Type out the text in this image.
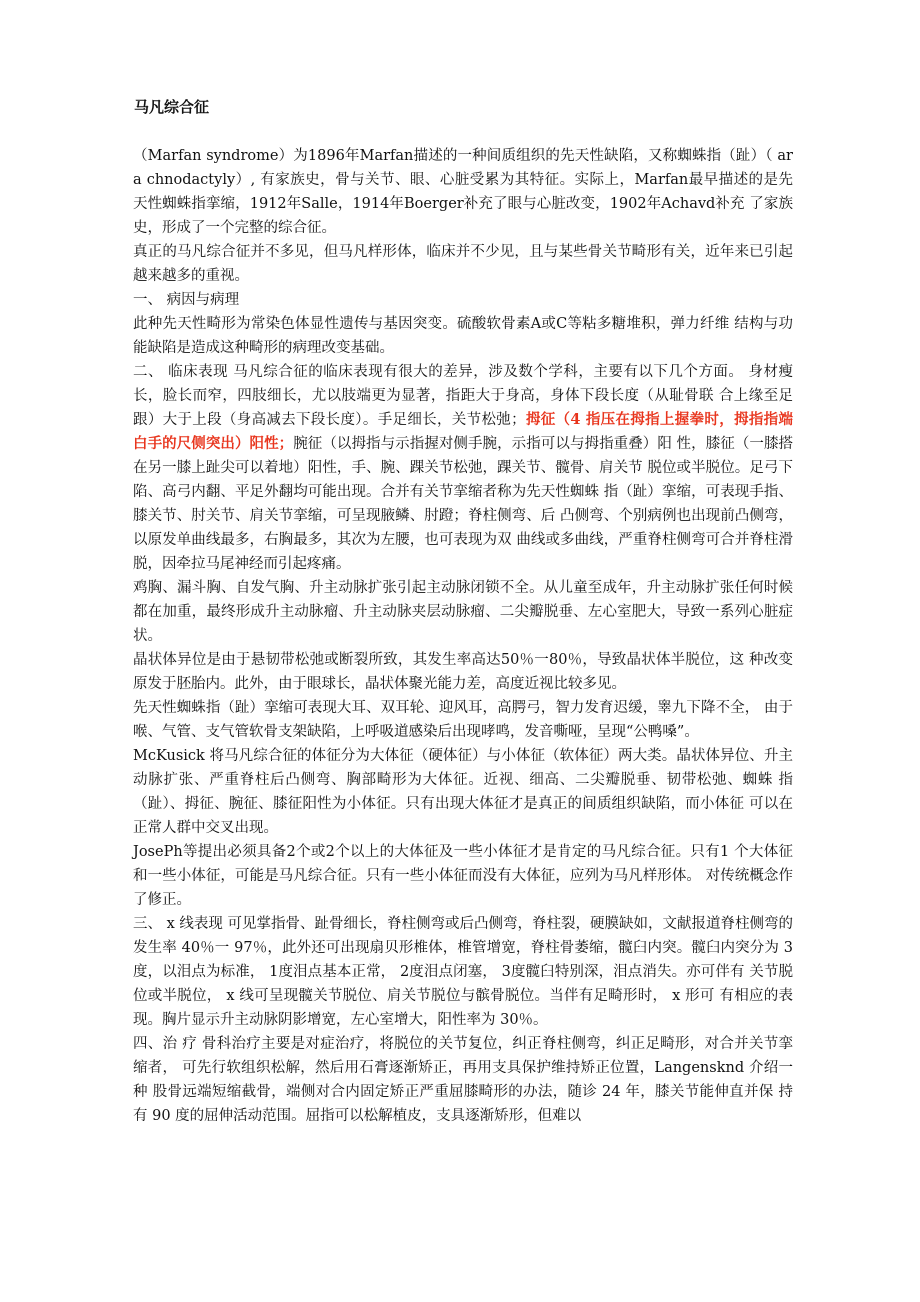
马凡综合征

（Marfan syndrome）为1896年Marfan描述的一种间质组织的先天性缺陷，又称蜘蛛指（趾）（ ara chnodactyly）, 有家族史，骨与关节、眼、心脏受累为其特征。实际上，Marfan最早描述的是先 天性蜘蛛指挛缩，1912年Salle，1914年Boerger补充了眼与心脏改变，1902年Achavd补充 了家族史，形成了一个完整的综合征。

真正的马凡综合征并不多见，但马凡样形体，临床并不少见，且与某些骨关节畸形有关，近年来已引起越来越多的重视。

一、 病因与病理

此种先天性畸形为常染色体显性遗传与基因突变。硫酸软骨素A或C等粘多糖堆积，弹力纤维 结构与功能缺陷是造成这种畸形的病理改变基础。

二、 临床表现 马凡综合征的临床表现有很大的差异，涉及数个学科，主要有以下几个方面。 身材瘦长，脸长而窄，四肢细长，尤以肢端更为显著，指距大于身高，身体下段长度（从耻骨联 合上缘至足跟）大于上段（身高减去下段长度）。手足细长，关节松弛；拇征（4 指压在拇指上握拳时，拇指指端白手的尺侧突出）阳性；腕征（以拇指与示指握对侧手腕，示指可以与拇指重叠）阳 性，膝征（一膝搭在另一膝上趾尖可以着地）阳性，手、腕、踝关节松弛，踝关节、髋骨、肩关节 脱位或半脱位。足弓下陷、高弓内翻、平足外翻均可能出现。合并有关节挛缩者称为先天性蜘蛛 指（趾）挛缩，可表现手指、膝关节、肘关节、肩关节挛缩，可呈现腋鳞、肘蹬；脊柱侧弯、后 凸侧弯、个别病例也出现前凸侧弯，以原发单曲线最多，右胸最多，其次为左腰，也可表现为双 曲线或多曲线，严重脊柱侧弯可合并脊柱滑脱，因牵拉马尾神经而引起疼痛。

鸡胸、漏斗胸、自发气胸、升主动脉扩张引起主动脉闭锁不全。从儿童至成年，升主动脉扩张任何时候都在加重，最终形成升主动脉瘤、升主动脉夹层动脉瘤、二尖瓣脱垂、左心室肥大，导致一系列心脏症状。

晶状体异位是由于悬韧带松弛或断裂所致，其发生率高达50％一80％，导致晶状体半脱位，这 种改变原发于胚胎内。此外，由于眼球长，晶状体聚光能力差，高度近视比较多见。

先天性蜘蛛指（趾）挛缩可表现大耳、双耳轮、迎风耳，高腭弓，智力发育迟缓，睾九下降不全， 由于喉、气管、支气管软骨支架缺陷，上呼吸道感染后出现哮鸣，发音嘶哑，呈现“公鸭嗓”。

McKusick 将马凡综合征的体征分为大体征（硬体征）与小体征（软体征）两大类。晶状体异位、升主 动脉扩张、严重脊柱后凸侧弯、胸部畸形为大体征。近视、细高、二尖瓣脱垂、韧带松弛、蜘蛛 指（趾）、拇征、腕征、膝征阳性为小体征。只有出现大体征才是真正的间质组织缺陷，而小体征 可以在正常人群中交叉出现。

JosePh等提出必须具备2个或2个以上的大体征及一些小体征才是肯定的马凡综合征。只有1 个大体征和一些小体征，可能是马凡综合征。只有一些小体征而没有大体征，应列为马凡样形体。 对传统概念作了修正。

三、 x 线表现 可见掌指骨、趾骨细长，脊柱侧弯或后凸侧弯，脊柱裂，硬膜缺如，文献报道脊柱侧弯的发生率 40％一 97％，此外还可出现扇贝形椎体，椎管增宽，脊柱骨萎缩，髋臼内突。髋臼内突分为 3 度，以泪点为标准， 1度泪点基本正常， 2度泪点闭塞， 3度髋臼特别深，泪点消失。亦可伴有 关节脱位或半脱位， x 线可呈现髋关节脱位、肩关节脱位与髌骨脱位。当伴有足畸形时， x 形可 有相应的表现。胸片显示升主动脉阴影增宽，左心室增大，阳性率为 30％。

四、治 疗 骨科治疗主要是对症治疗，将脱位的关节复位，纠正脊柱侧弯，纠正足畸形，对合并关节挛缩者， 可先行软组织松解，然后用石膏逐渐矫正，再用支具保护维持矫正位置，Langensknd 介绍一种 股骨远端短缩截骨，端侧对合内固定矫正严重屈膝畸形的办法，随诊 24 年，膝关节能伸直并保 持有 90 度的屈伸活动范围。屈指可以松解植皮，支具逐渐矫形，但难以
